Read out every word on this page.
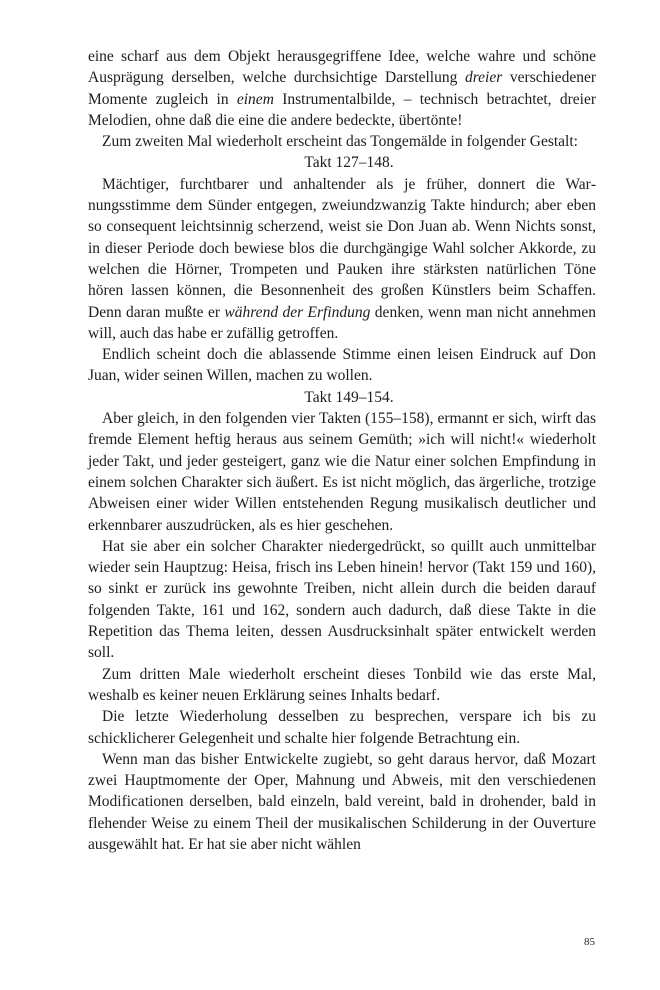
eine scharf aus dem Objekt herausgegriffene Idee, welche wahre und schöne Ausprägung derselben, welche durchsichtige Darstellung dreier verschiedener Momente zugleich in einem Instrumentalbilde, – technisch betrachtet, dreier Melodien, ohne daß die eine die andere bedeckte, übertönte!

Zum zweiten Mal wiederholt erscheint das Tongemälde in folgender Gestalt:

Takt 127–148.

Mächtiger, furchtbarer und anhaltender als je früher, donnert die Warnungsstimme dem Sünder entgegen, zweiundzwanzig Takte hindurch; aber eben so consequent leichtsinnig scherzend, weist sie Don Juan ab. Wenn Nichts sonst, in dieser Periode doch bewiese blos die durchgängige Wahl solcher Akkorde, zu welchen die Hörner, Trompeten und Pauken ihre stärksten natürlichen Töne hören lassen können, die Besonnenheit des großen Künstlers beim Schaffen. Denn daran mußte er während der Erfindung denken, wenn man nicht annehmen will, auch das habe er zufällig getroffen.

Endlich scheint doch die ablassende Stimme einen leisen Eindruck auf Don Juan, wider seinen Willen, machen zu wollen.

Takt 149–154.

Aber gleich, in den folgenden vier Takten (155–158), ermannt er sich, wirft das fremde Element heftig heraus aus seinem Gemüth; »ich will nicht!« wiederholt jeder Takt, und jeder gesteigert, ganz wie die Natur einer solchen Empfindung in einem solchen Charakter sich äußert. Es ist nicht möglich, das ärgerliche, trotzige Abweisen einer wider Willen entstehenden Regung musikalisch deutlicher und erkennbarer auszudrücken, als es hier geschehen.

Hat sie aber ein solcher Charakter niedergedrückt, so quillt auch unmittelbar wieder sein Hauptzug: Heisa, frisch ins Leben hinein! hervor (Takt 159 und 160), so sinkt er zurück ins gewohnte Treiben, nicht allein durch die beiden darauf folgenden Takte, 161 und 162, sondern auch dadurch, daß diese Takte in die Repetition das Thema leiten, dessen Ausdrucksinhalt später entwickelt werden soll.

Zum dritten Male wiederholt erscheint dieses Tonbild wie das erste Mal, weshalb es keiner neuen Erklärung seines Inhalts bedarf.

Die letzte Wiederholung desselben zu besprechen, verspare ich bis zu schicklicherer Gelegenheit und schalte hier folgende Betrachtung ein.

Wenn man das bisher Entwickelte zugiebt, so geht daraus hervor, daß Mozart zwei Hauptmomente der Oper, Mahnung und Abweis, mit den verschiedenen Modificationen derselben, bald einzeln, bald vereint, bald in drohender, bald in flehender Weise zu einem Theil der musikalischen Schilderung in der Ouverture ausgewählt hat. Er hat sie aber nicht wählen

85
